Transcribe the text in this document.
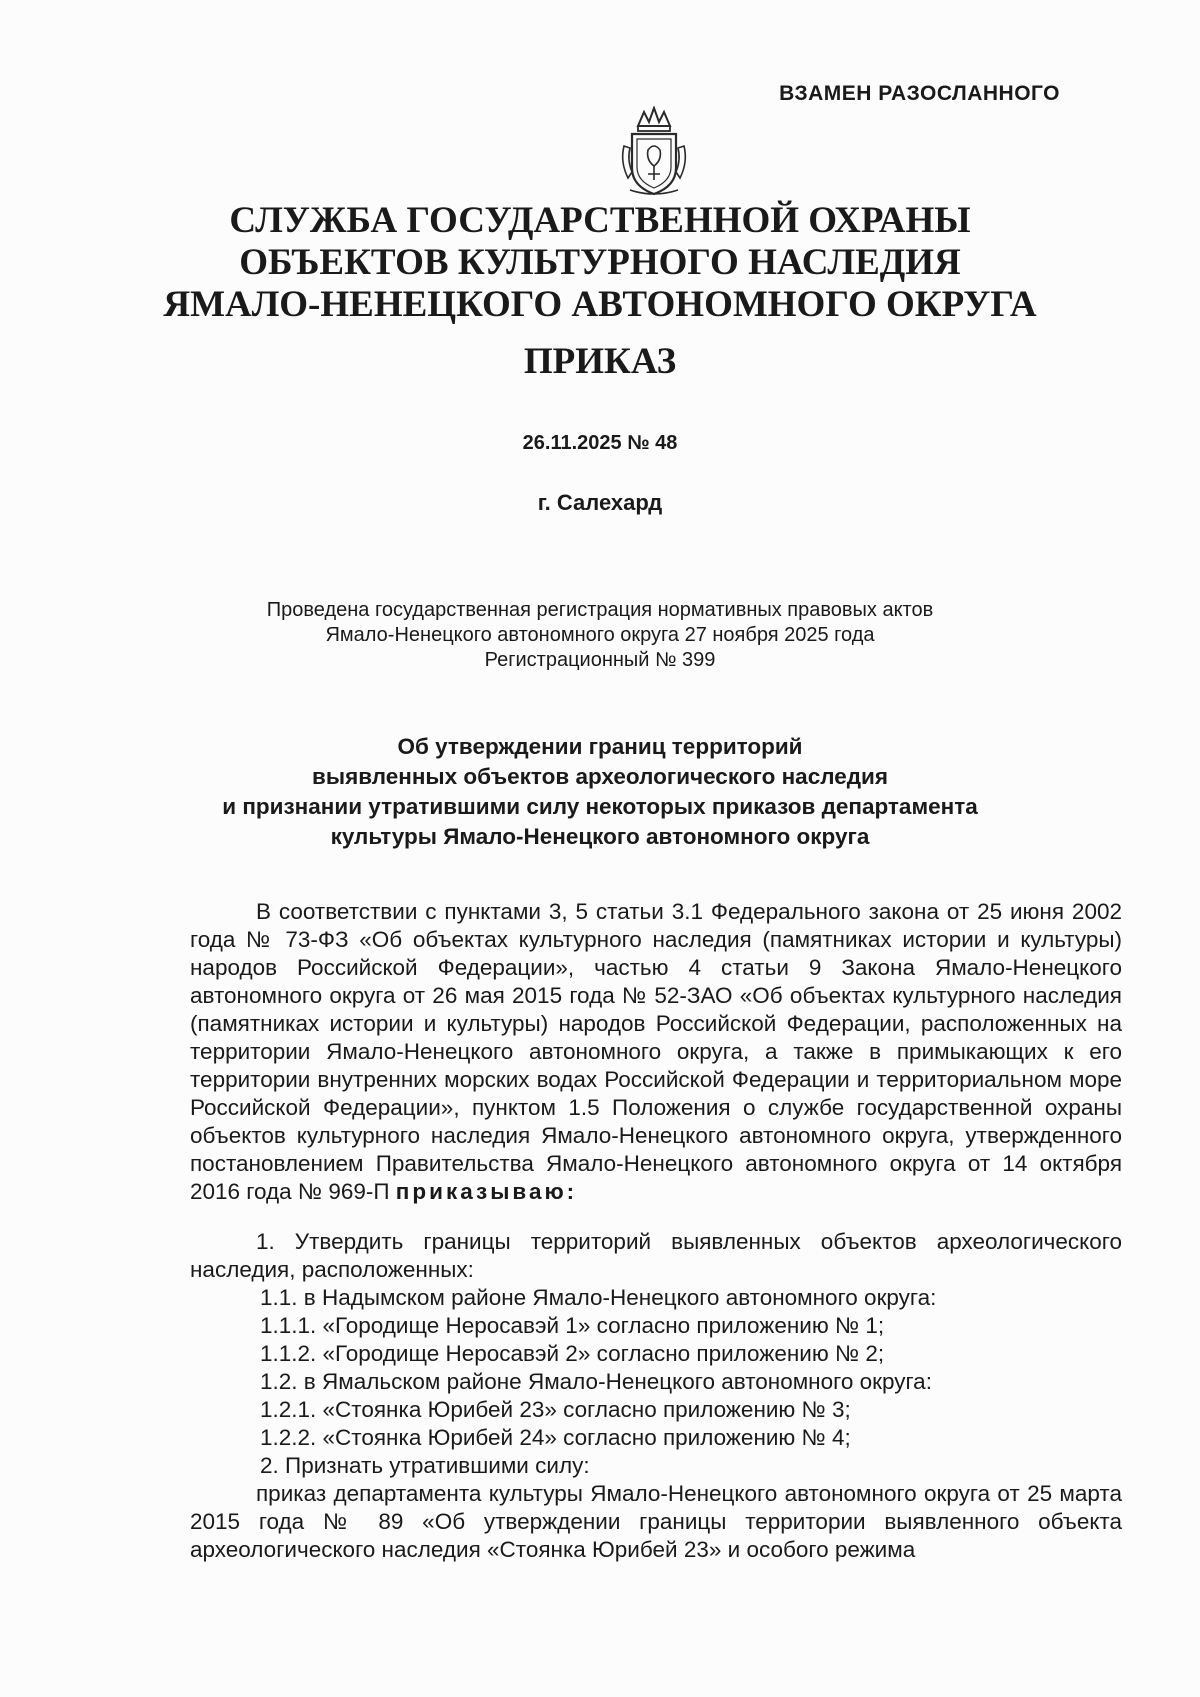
ВЗАМЕН РАЗОСЛАННОГО
СЛУЖБА ГОСУДАРСТВЕННОЙ ОХРАНЫ
ОБЪЕКТОВ КУЛЬТУРНОГО НАСЛЕДИЯ
ЯМАЛО-НЕНЕЦКОГО АВТОНОМНОГО ОКРУГА
ПРИКАЗ
26.11.2025 № 48
г. Салехард
Проведена государственная регистрация нормативных правовых актов
Ямало-Ненецкого автономного округа 27 ноября 2025 года
Регистрационный № 399
Об утверждении границ территорий
выявленных объектов археологического наследия
и признании утратившими силу некоторых приказов департамента
культуры Ямало-Ненецкого автономного округа

В соответствии с пунктами 3, 5 статьи 3.1 Федерального закона от 25 июня 2002 года № 73-ФЗ «Об объектах культурного наследия (памятниках истории и культуры) народов Российской Федерации», частью 4 статьи 9 Закона Ямало-Ненецкого автономного округа от 26 мая 2015 года № 52-ЗАО «Об объектах культурного наследия (памятниках истории и культуры) народов Российской Федерации, расположенных на территории Ямало-Ненецкого автономного округа, а также в примыкающих к его территории внутренних морских водах Российской Федерации и территориальном море Российской Федерации», пунктом 1.5 Положения о службе государственной охраны объектов культурного наследия Ямало-Ненецкого автономного округа, утвержденного постановлением Правительства Ямало-Ненецкого автономного округа от 14 октября 2016 года № 969-П приказываю:

1. Утвердить границы территорий выявленных объектов археологического наследия, расположенных:

1.1. в Надымском районе Ямало-Ненецкого автономного округа:

1.1.1. «Городище Неросавэй 1» согласно приложению № 1;

1.1.2. «Городище Неросавэй 2» согласно приложению № 2;

1.2. в Ямальском районе Ямало-Ненецкого автономного округа:

1.2.1. «Стоянка Юрибей 23» согласно приложению № 3;

1.2.2. «Стоянка Юрибей 24» согласно приложению № 4;

2. Признать утратившими силу:

приказ департамента культуры Ямало-Ненецкого автономного округа от 25 марта 2015 года № 89 «Об утверждении границы территории выявленного объекта археологического наследия «Стоянка Юрибей 23» и особого режима
